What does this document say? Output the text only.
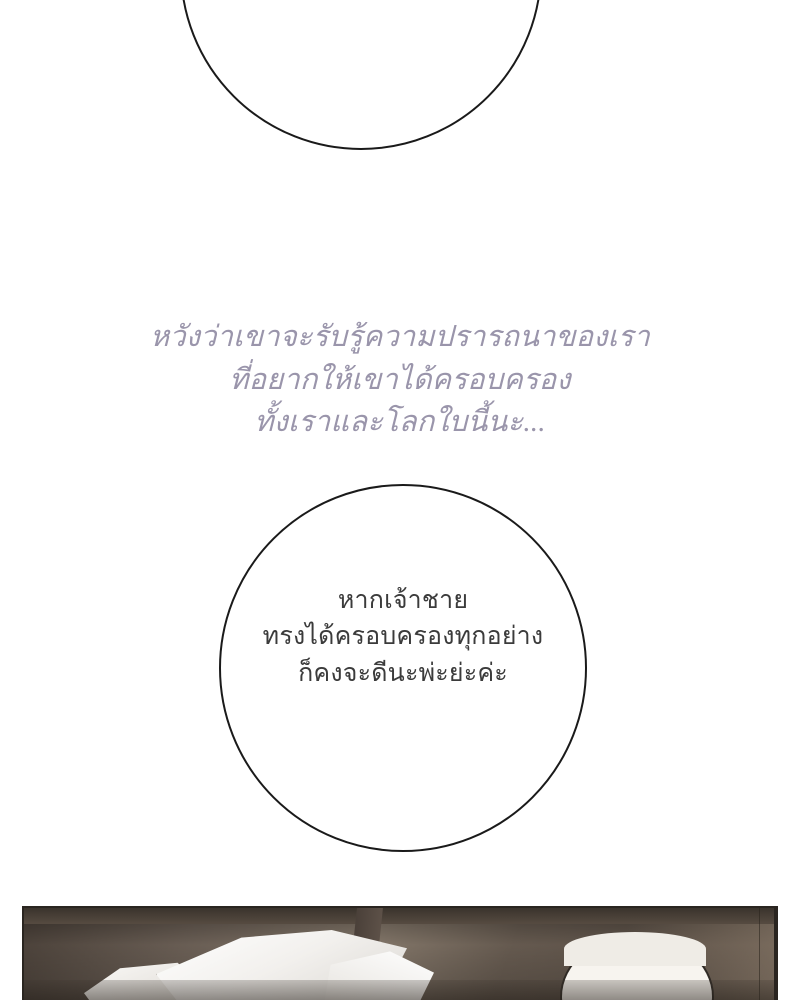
หวังว่าเขาจะรับรู้ความปรารถนาของเรา
ที่อยากให้เขาได้ครอบครอง
ทั้งเราและโลกใบนี้นะ...
หากเจ้าชาย
ทรงได้ครอบครองทุกอย่าง
ก็คงจะดีนะพ่ะย่ะค่ะ
